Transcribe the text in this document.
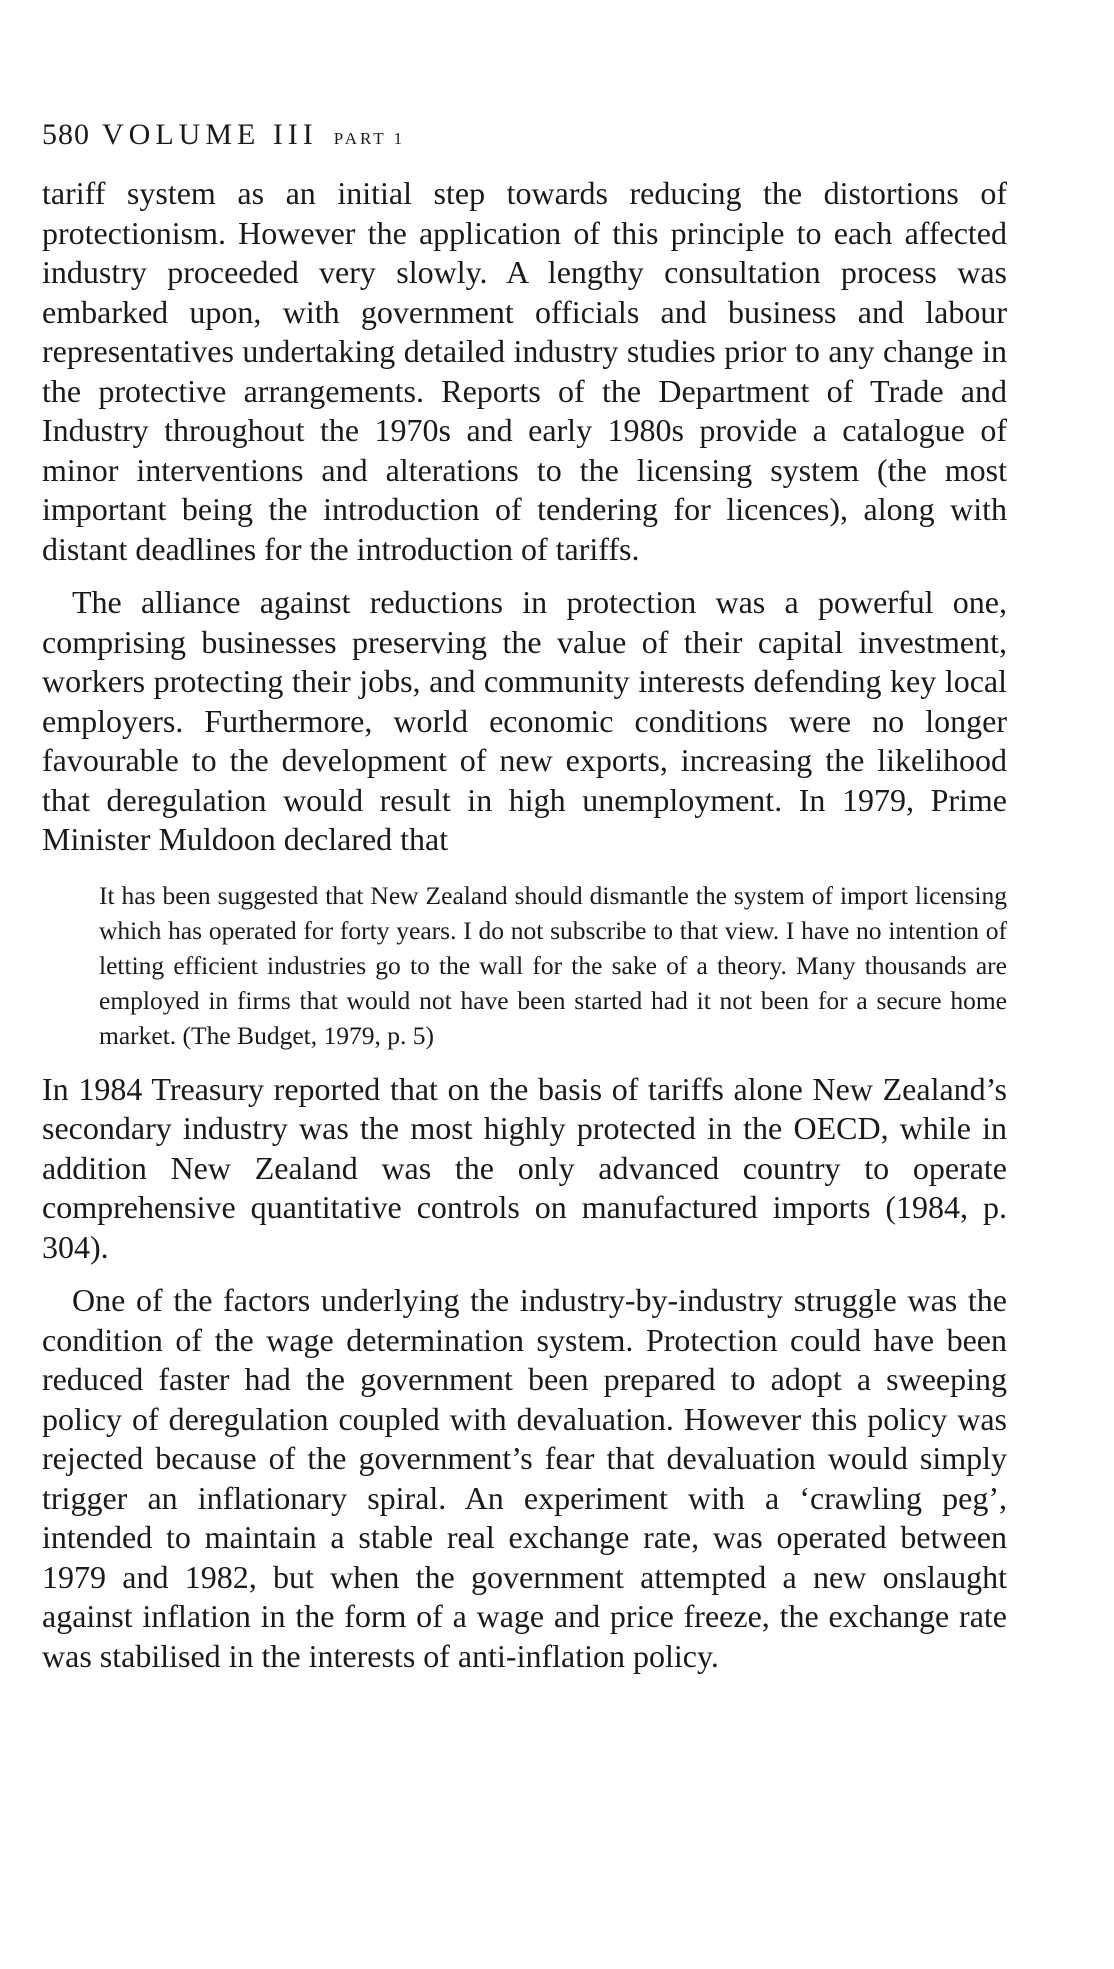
580 VOLUME III PART 1

tariff system as an initial step towards reducing the distortions of protectionism. However the application of this principle to each affected industry proceeded very slowly. A lengthy consultation process was embarked upon, with government officials and business and labour representatives undertaking detailed industry studies prior to any change in the protective arrangements. Reports of the Department of Trade and Industry throughout the 1970s and early 1980s provide a catalogue of minor interventions and alterations to the licensing system (the most important being the introduction of tendering for licences), along with distant deadlines for the introduction of tariffs.

The alliance against reductions in protection was a powerful one, comprising businesses preserving the value of their capital investment, workers protecting their jobs, and community interests defending key local employers. Furthermore, world economic conditions were no longer favourable to the development of new exports, increasing the likelihood that deregulation would result in high unemployment. In 1979, Prime Minister Muldoon declared that

It has been suggested that New Zealand should dismantle the system of import licensing which has operated for forty years. I do not subscribe to that view. I have no intention of letting efficient industries go to the wall for the sake of a theory. Many thousands are employed in firms that would not have been started had it not been for a secure home market. (The Budget, 1979, p. 5)

In 1984 Treasury reported that on the basis of tariffs alone New Zealand’s secondary industry was the most highly protected in the OECD, while in addition New Zealand was the only advanced country to operate comprehensive quantitative controls on manufactured imports (1984, p. 304).

One of the factors underlying the industry-by-industry struggle was the condition of the wage determination system. Protection could have been reduced faster had the government been prepared to adopt a sweeping policy of deregulation coupled with devaluation. However this policy was rejected because of the government’s fear that devaluation would simply trigger an inflationary spiral. An experiment with a ‘crawling peg’, intended to maintain a stable real exchange rate, was operated between 1979 and 1982, but when the government attempted a new onslaught against inflation in the form of a wage and price freeze, the exchange rate was stabilised in the interests of anti-inflation policy.
